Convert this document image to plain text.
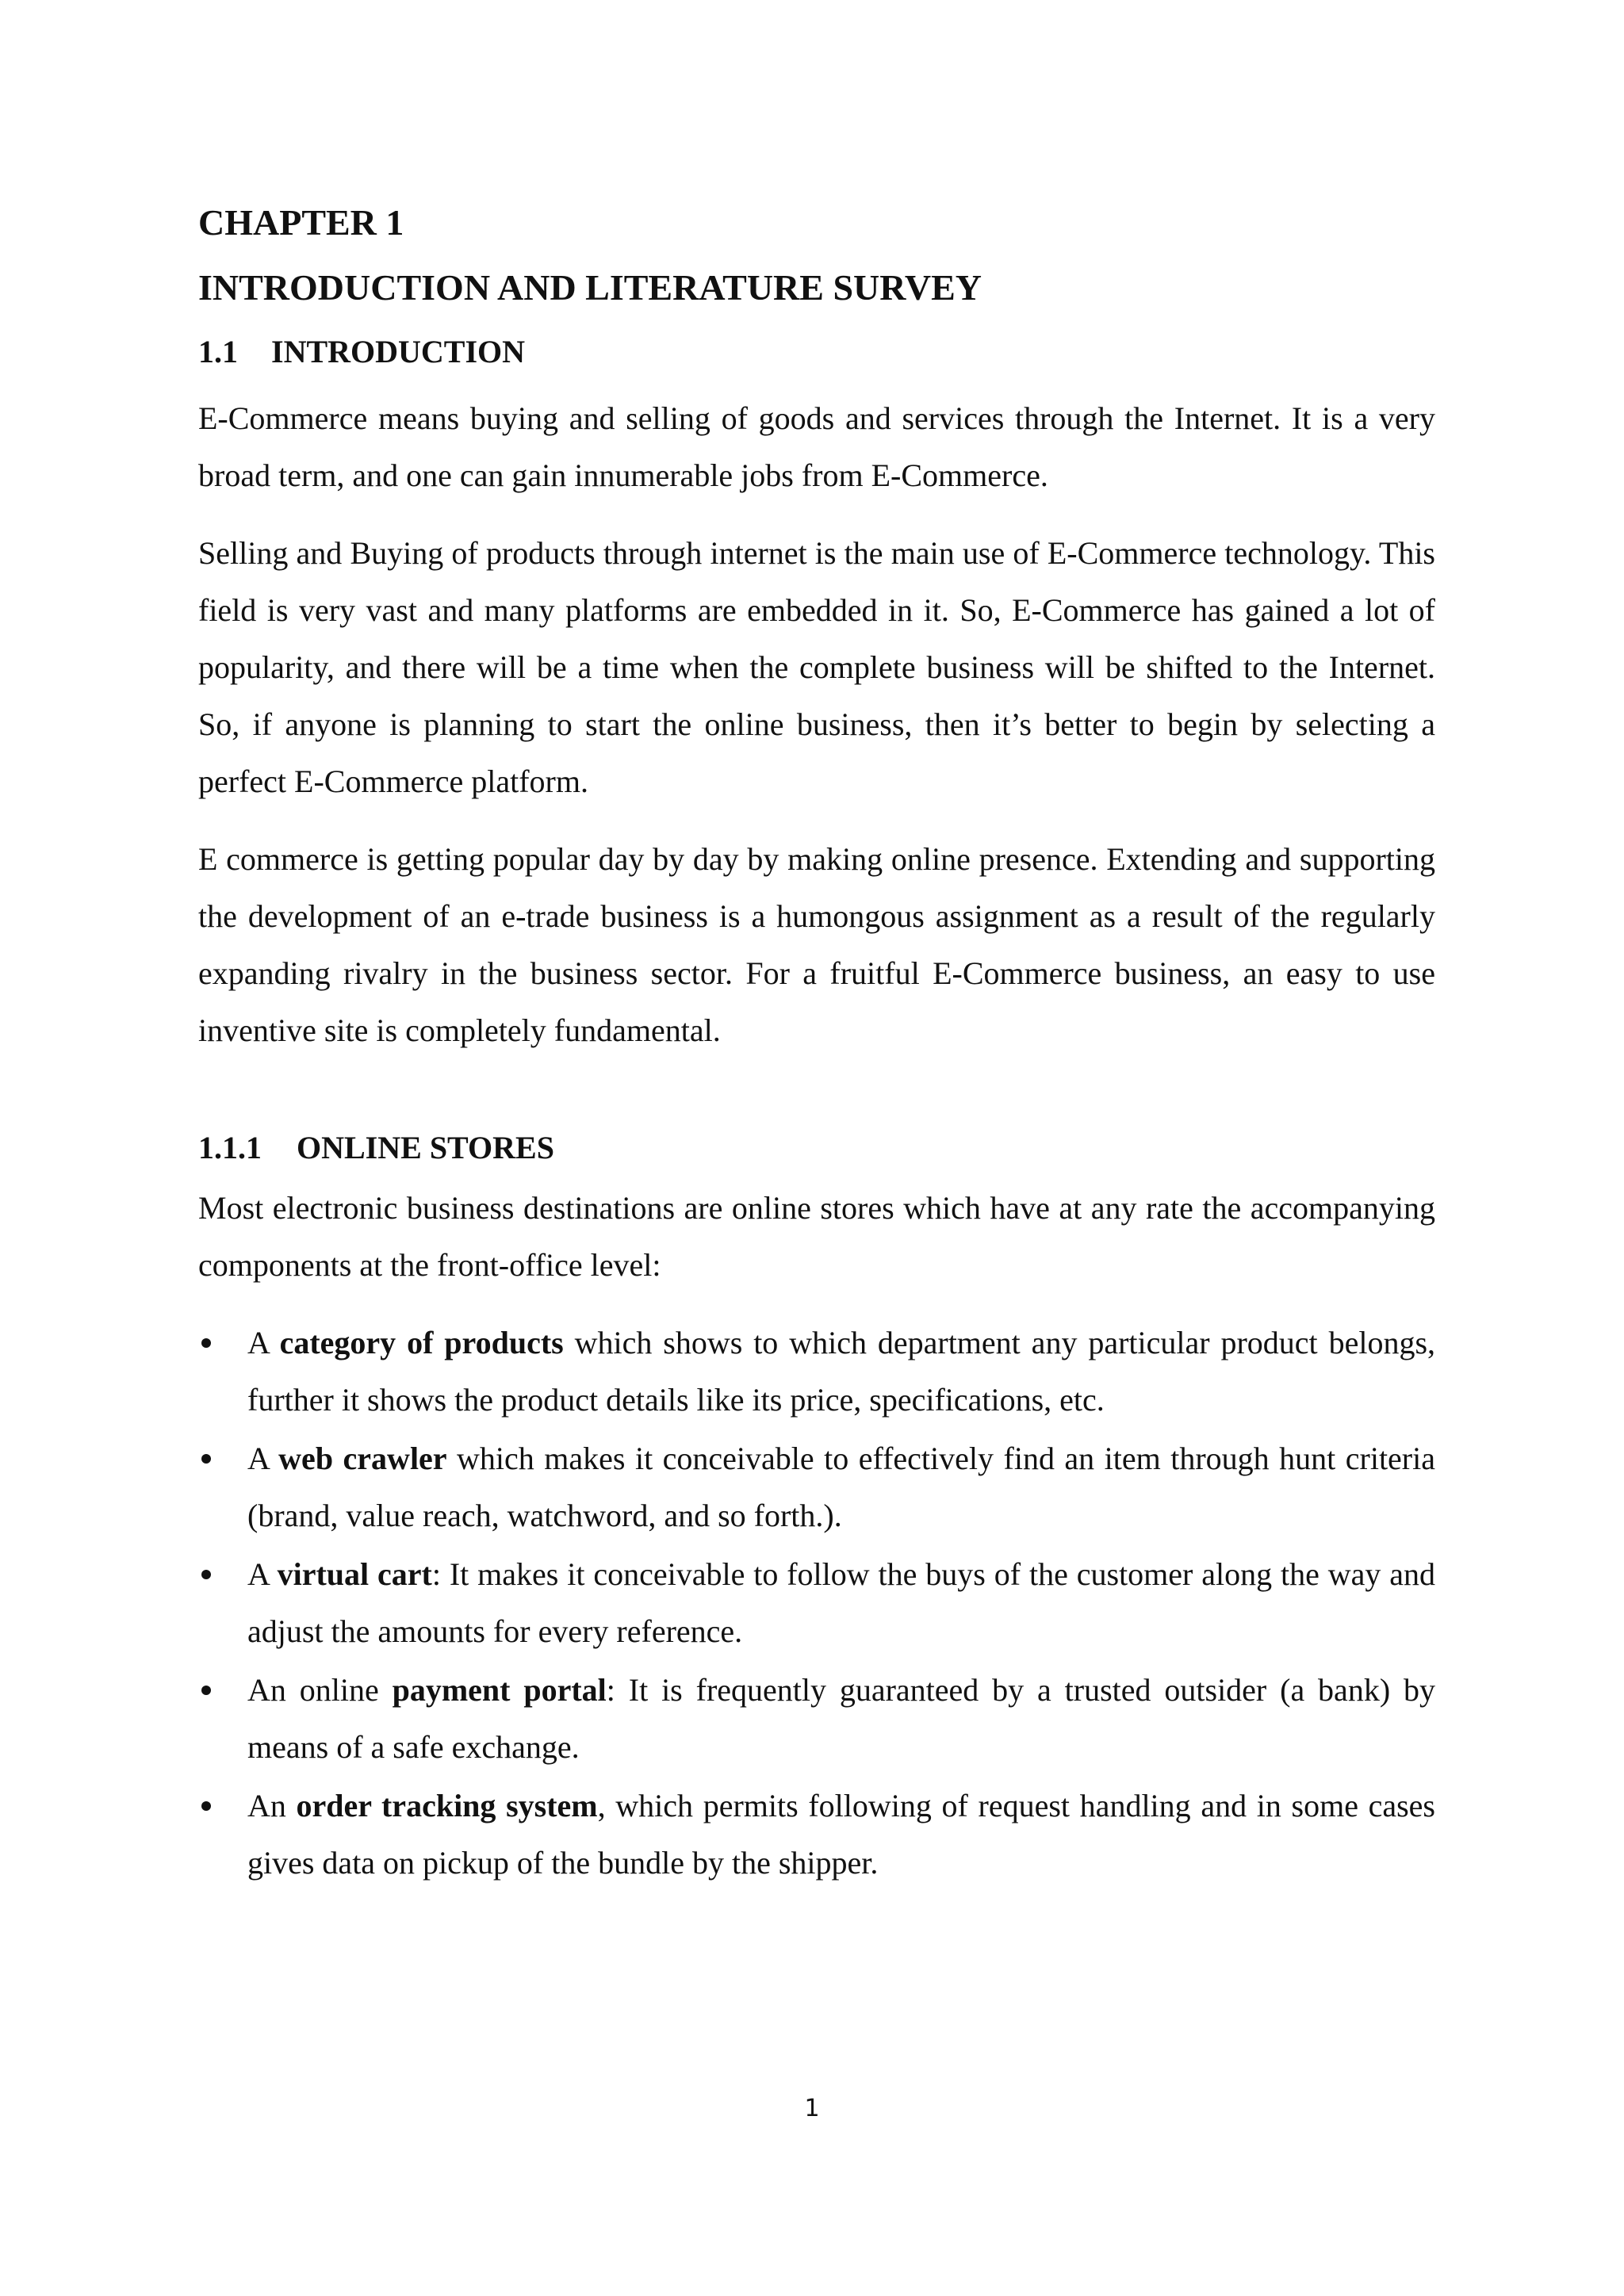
CHAPTER 1
INTRODUCTION AND LITERATURE SURVEY
1.1 INTRODUCTION

E-Commerce means buying and selling of goods and services through the Internet. It is a very broad term, and one can gain innumerable jobs from E-Commerce.

Selling and Buying of products through internet is the main use of E-Commerce technology. This field is very vast and many platforms are embedded in it. So, E-Commerce has gained a lot of popularity, and there will be a time when the complete business will be shifted to the Internet. So, if anyone is planning to start the online business, then it’s better to begin by selecting a perfect E-Commerce platform.

E commerce is getting popular day by day by making online presence. Extending and supporting the development of an e-trade business is a humongous assignment as a result of the regularly expanding rivalry in the business sector. For a fruitful E-Commerce business, an easy to use inventive site is completely fundamental.

1.1.1 ONLINE STORES

Most electronic business destinations are online stores which have at any rate the accompanying components at the front-office level:

A category of products which shows to which department any particular product belongs, further it shows the product details like its price, specifications, etc.
A web crawler which makes it conceivable to effectively find an item through hunt criteria (brand, value reach, watchword, and so forth.).
A virtual cart: It makes it conceivable to follow the buys of the customer along the way and adjust the amounts for every reference.
An online payment portal: It is frequently guaranteed by a trusted outsider (a bank) by means of a safe exchange.
An order tracking system, which permits following of request handling and in some cases gives data on pickup of the bundle by the shipper.
1
